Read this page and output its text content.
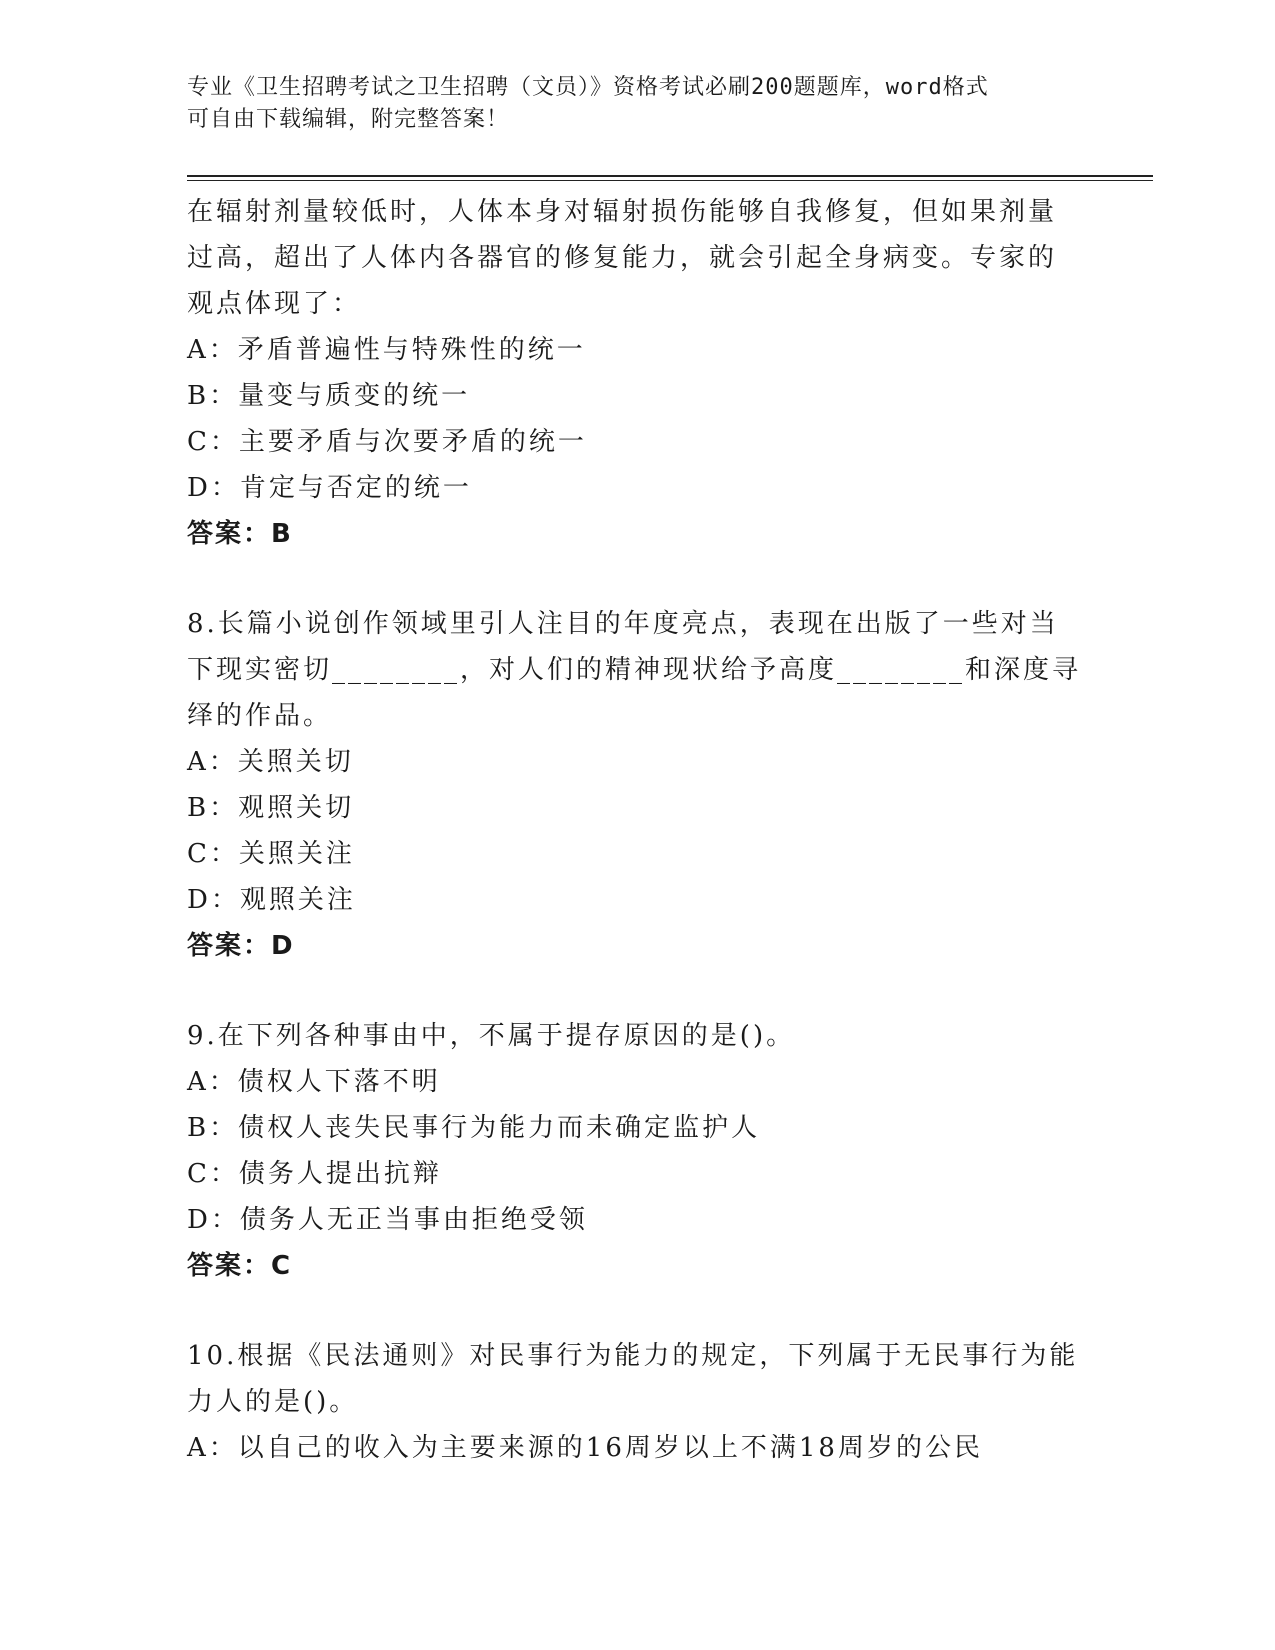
专业《卫生招聘考试之卫生招聘（文员）》资格考试必刷200题题库，word格式
可自由下载编辑，附完整答案！
在辐射剂量较低时，人体本身对辐射损伤能够自我修复，但如果剂量
过高，超出了人体内各器官的修复能力，就会引起全身病变。专家的
观点体现了：
A：矛盾普遍性与特殊性的统一
B：量变与质变的统一
C：主要矛盾与次要矛盾的统一
D：肯定与否定的统一
答案：B
8.长篇小说创作领域里引人注目的年度亮点，表现在出版了一些对当
下现实密切________，对人们的精神现状给予高度________和深度寻
绎的作品。
A：关照关切
B：观照关切
C：关照关注
D：观照关注
答案：D
9.在下列各种事由中，不属于提存原因的是()。
A：债权人下落不明
B：债权人丧失民事行为能力而未确定监护人
C：债务人提出抗辩
D：债务人无正当事由拒绝受领
答案：C
10.根据《民法通则》对民事行为能力的规定，下列属于无民事行为能
力人的是()。
A：以自己的收入为主要来源的16周岁以上不满18周岁的公民
